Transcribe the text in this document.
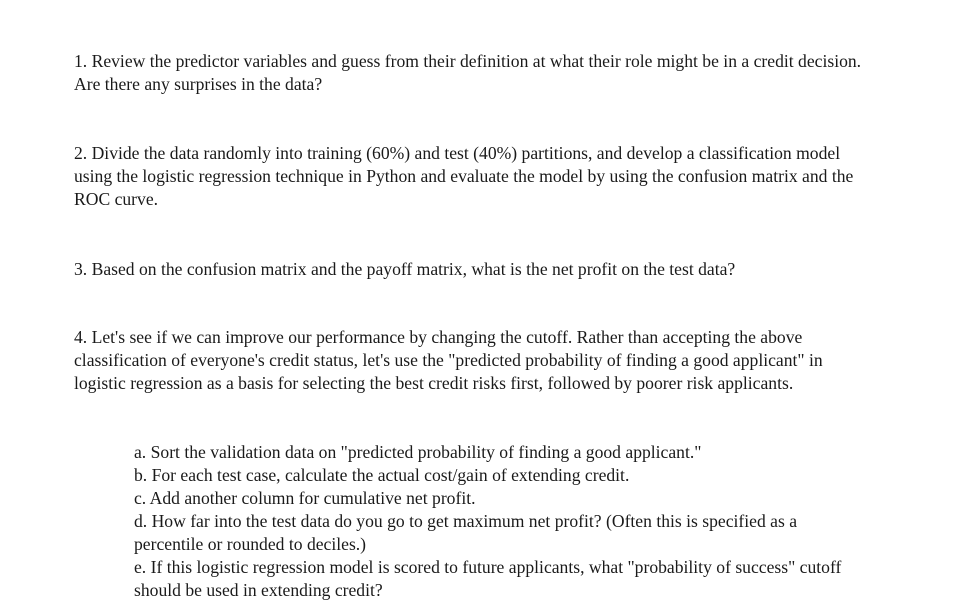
1. Review the predictor variables and guess from their definition at what their role might be in a credit decision. Are there any surprises in the data?

2. Divide the data randomly into training (60%) and test (40%) partitions, and develop a classification model using the logistic regression technique in Python and evaluate the model by using the confusion matrix and the ROC curve.

3. Based on the confusion matrix and the payoff matrix, what is the net profit on the test data?

4. Let's see if we can improve our performance by changing the cutoff. Rather than accepting the above classification of everyone's credit status, let's use the "predicted probability of finding a good applicant" in logistic regression as a basis for selecting the best credit risks first, followed by poorer risk applicants.

a. Sort the validation data on "predicted probability of finding a good applicant."
b. For each test case, calculate the actual cost/gain of extending credit.
c. Add another column for cumulative net profit.
d. How far into the test data do you go to get maximum net profit? (Often this is specified as a percentile or rounded to deciles.)
e. If this logistic regression model is scored to future applicants, what "probability of success" cutoff should be used in extending credit?
